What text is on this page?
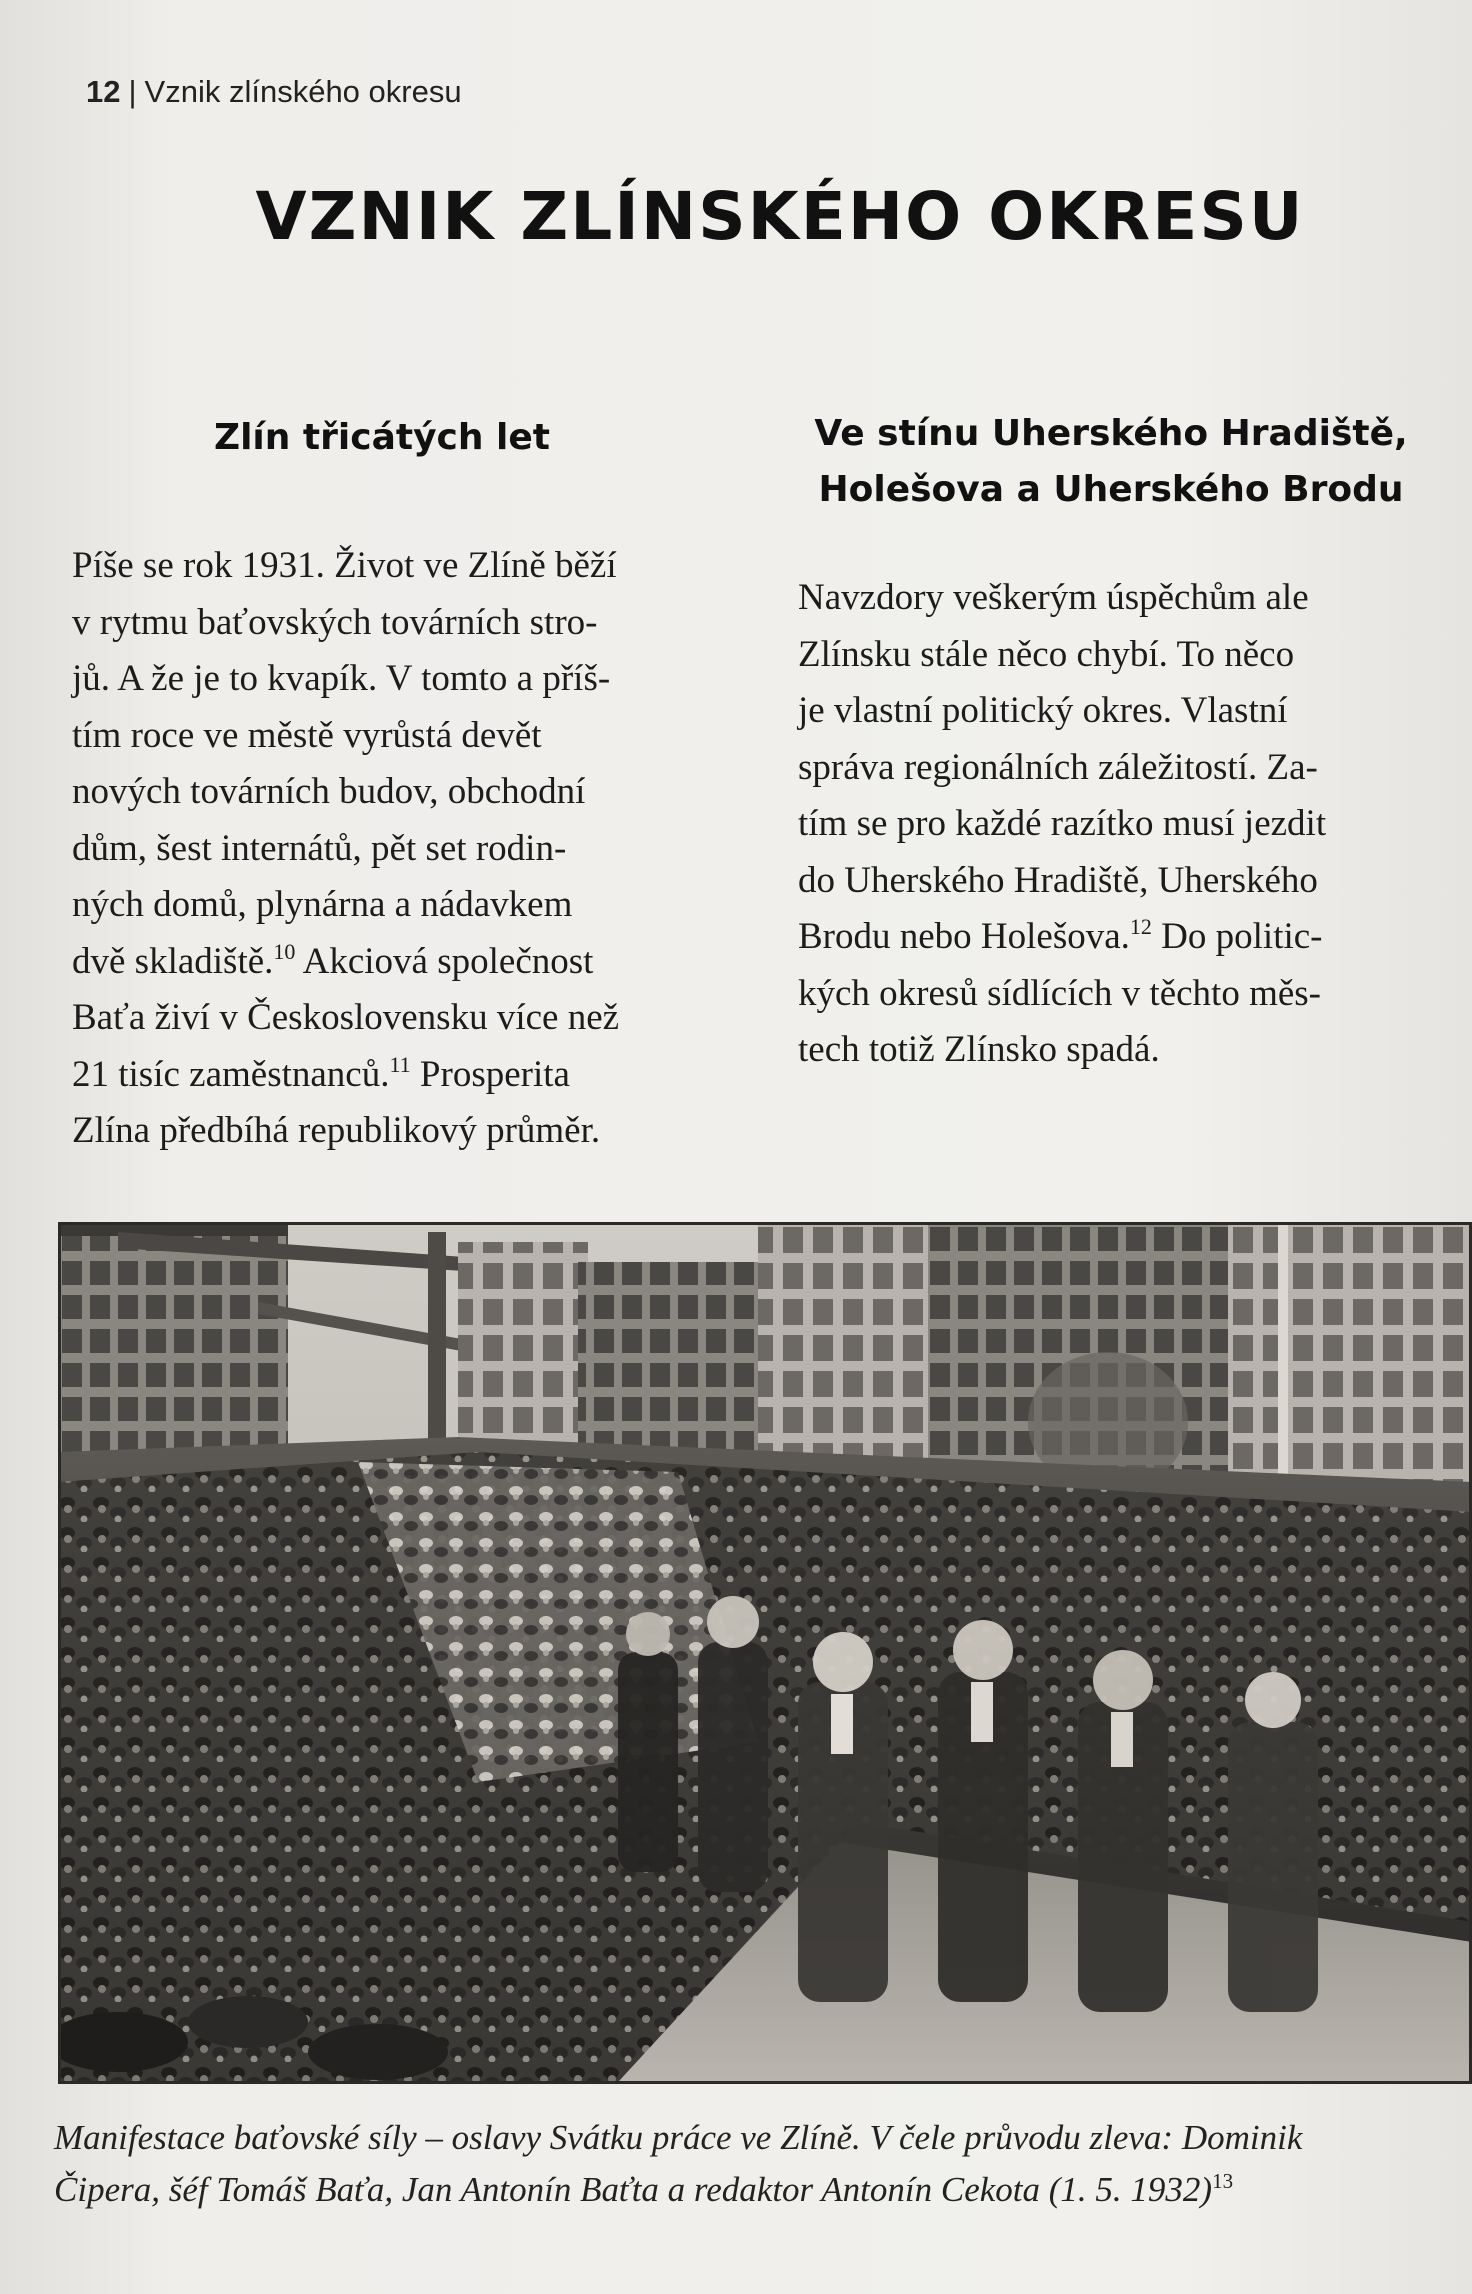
12 | Vznik zlínského okresu
VZNIK ZLÍNSKÉHO OKRESU
Zlín třicátých let

Píše se rok 1931. Život ve Zlíně běží
v rytmu baťovských továrních stro-
jů. A že je to kvapík. V tomto a příš-
tím roce ve městě vyrůstá devět
nových továrních budov, obchodní
dům, šest internátů, pět set rodin-
ných domů, plynárna a nádavkem
dvě skladiště.$^{10}$ Akciová společnost
Baťa živí v Československu více než
21 tisíc zaměstnanců.$^{11}$ Prosperita
Zlína předbíhá republikový průměr.

Ve stínu Uherského Hradiště,
Holešova a Uherského Brodu

Navzdory veškerým úspěchům ale
Zlínsku stále něco chybí. To něco
je vlastní politický okres. Vlastní
správa regionálních záležitostí. Za-
tím se pro každé razítko musí jezdit
do Uherského Hradiště, Uherského
Brodu nebo Holešova.$^{12}$ Do politic-
kých okresů sídlících v těchto měs-
tech totiž Zlínsko spadá.

Manifestace baťovské síly – oslavy Svátku práce ve Zlíně. V čele průvodu zleva: Dominik
Čipera, šéf Tomáš Baťa, Jan Antonín Baťta a redaktor Antonín Cekota (1. 5. 1932)$^{13}$
